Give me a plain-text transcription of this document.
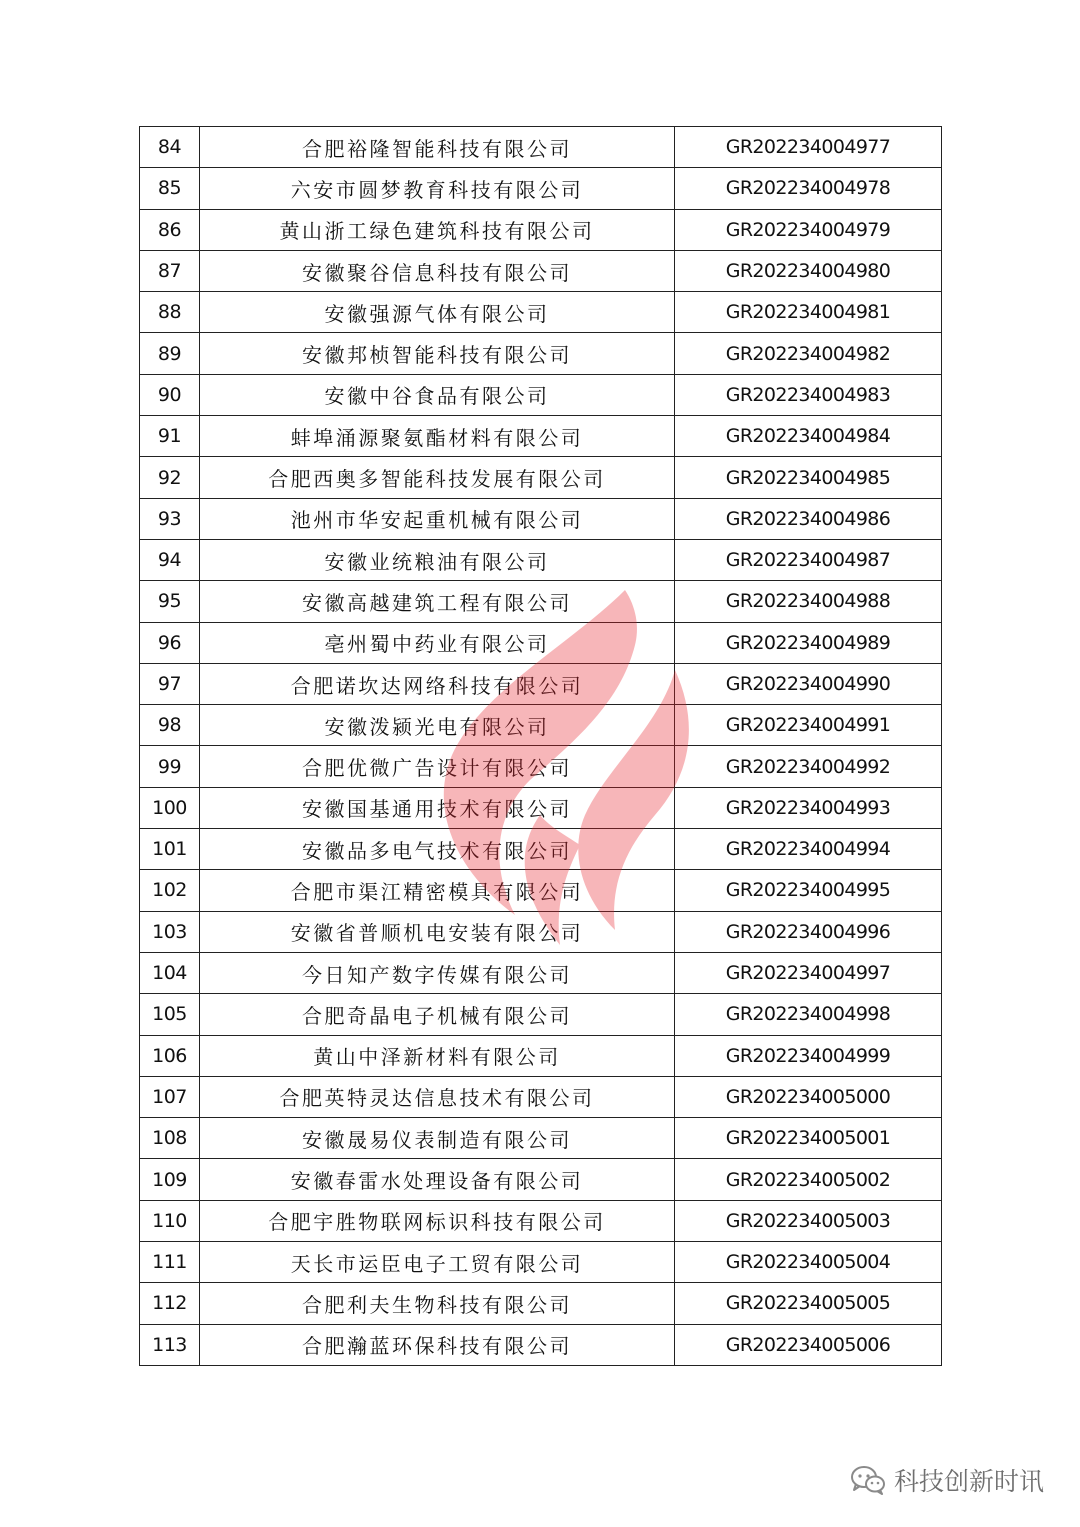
84	合肥裕隆智能科技有限公司	GR202234004977
85	六安市圆梦教育科技有限公司	GR202234004978
86	黄山浙工绿色建筑科技有限公司	GR202234004979
87	安徽聚谷信息科技有限公司	GR202234004980
88	安徽强源气体有限公司	GR202234004981
89	安徽邦桢智能科技有限公司	GR202234004982
90	安徽中谷食品有限公司	GR202234004983
91	蚌埠涌源聚氨酯材料有限公司	GR202234004984
92	合肥西奥多智能科技发展有限公司	GR202234004985
93	池州市华安起重机械有限公司	GR202234004986
94	安徽业统粮油有限公司	GR202234004987
95	安徽高越建筑工程有限公司	GR202234004988
96	亳州蜀中药业有限公司	GR202234004989
97	合肥诺坎达网络科技有限公司	GR202234004990
98	安徽泼颍光电有限公司	GR202234004991
99	合肥优微广告设计有限公司	GR202234004992
100	安徽国基通用技术有限公司	GR202234004993
101	安徽品多电气技术有限公司	GR202234004994
102	合肥市渠江精密模具有限公司	GR202234004995
103	安徽省普顺机电安装有限公司	GR202234004996
104	今日知产数字传媒有限公司	GR202234004997
105	合肥奇晶电子机械有限公司	GR202234004998
106	黄山中泽新材料有限公司	GR202234004999
107	合肥英特灵达信息技术有限公司	GR202234005000
108	安徽晟易仪表制造有限公司	GR202234005001
109	安徽春雷水处理设备有限公司	GR202234005002
110	合肥宇胜物联网标识科技有限公司	GR202234005003
111	天长市运臣电子工贸有限公司	GR202234005004
112	合肥利夫生物科技有限公司	GR202234005005
113	合肥瀚蓝环保科技有限公司	GR202234005006
科技创新时讯
